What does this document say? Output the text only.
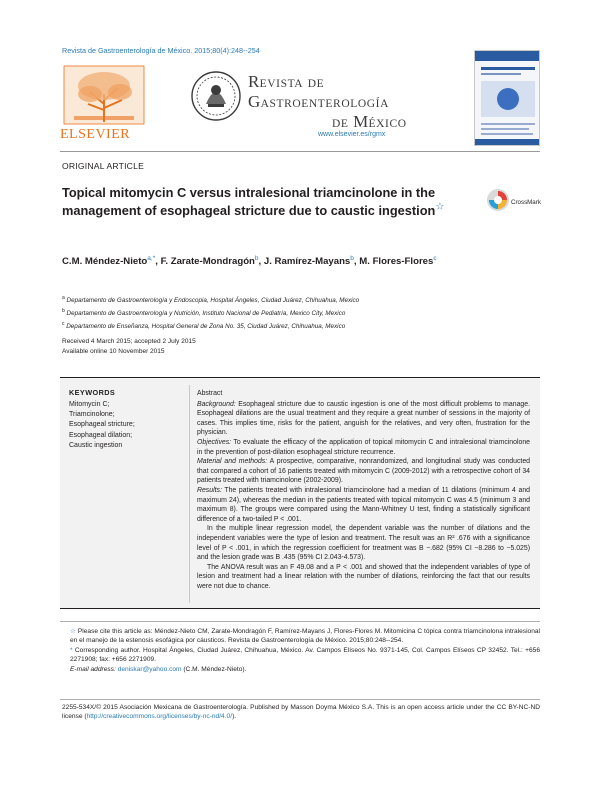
Revista de Gastroenterología de México. 2015;80(4):248--254
ELSEVIER
REVISTA DE
GASTROENTEROLOGÍA
DE MÉXICO
www.elsevier.es/rgmx
ORIGINAL ARTICLE
Topical mitomycin C versus intralesional triamcinolone in the management of esophageal stricture due to caustic ingestion☆	CrossMark
C.M. Méndez-Nieto$^{a,*}$, F. Zarate-Mondragón$^b$, J. Ramírez-Mayans$^b$, M. Flores-Flores$^c$
$^a$ Departamento de Gastroenterología y Endoscopia, Hospital Ángeles, Ciudad Juárez, Chihuahua, Mexico
$^b$ Departamento de Gastroenterología y Nutrición, Instituto Nacional de Pediatría, Mexico City, Mexico
$^c$ Departamento de Enseñanza, Hospital General de Zona No. 35, Ciudad Juárez, Chihuahua, Mexico
Received 4 March 2015; accepted 2 July 2015
Available online 10 November 2015
KEYWORDS
Mitomycin C;
Triamcinolone;
Esophageal stricture;
Esophageal dilation;
Caustic ingestion

Abstract

Background: Esophageal stricture due to caustic ingestion is one of the most difficult problems to manage. Esophageal dilations are the usual treatment and they require a great number of sessions in the majority of cases. This implies time, risks for the patient, anguish for the relatives, and very often, frustration for the physician.

Objectives: To evaluate the efficacy of the application of topical mitomycin C and intralesional triamcinolone in the prevention of post-dilation esophageal stricture recurrence.

Material and methods: A prospective, comparative, nonrandomized, and longitudinal study was conducted that compared a cohort of 16 patients treated with mitomycin C (2009-2012) with a retrospective cohort of 34 patients treated with triamcinolone (2002-2009).

Results: The patients treated with intralesional triamcinolone had a median of 11 dilations (minimum 4 and maximum 24), whereas the median in the patients treated with topical mitomycin C was 4.5 (minimum 3 and maximum 8). The groups were compared using the Mann-Whitney U test, finding a statistically significant difference of a two-tailed P < .001.

In the multiple linear regression model, the dependent variable was the number of dilations and the independent variables were the type of lesion and treatment. The result was an R² .676 with a significance level of P < .001, in which the regression coefficient for treatment was B −.682 (95% CI −8.286 to −5.025) and the lesion grade was B .435 (95% CI 2.043-4.573).

The ANOVA result was an F 49.08 and a P < .001 and showed that the independent variables of type of lesion and treatment had a linear relation with the number of dilations, reinforcing the fact that our results were not due to chance.

☆ Please cite this article as: Méndez-Nieto CM, Zarate-Mondragón F, Ramírez-Mayans J, Flores-Flores M. Mitomicina C tópica contra triamcinolona intralesional en el manejo de la estenosis esofágica por cáusticos. Revista de Gastroenterología de México. 2015;80:248--254.

* Corresponding author. Hospital Ángeles, Ciudad Juárez, Chihuahua, México. Av. Campos Elíseos No. 9371-145, Col. Campos Elíseos CP 32452. Tel.: +656 2271908; fax: +656 2271909.

E-mail address: deniskar@yahoo.com (C.M. Méndez-Nieto).

2255-534X/© 2015 Asociación Mexicana de Gastroenterología. Published by Masson Doyma México S.A. This is an open access article under the CC BY-NC-ND license (http://creativecommons.org/licenses/by-nc-nd/4.0/).
